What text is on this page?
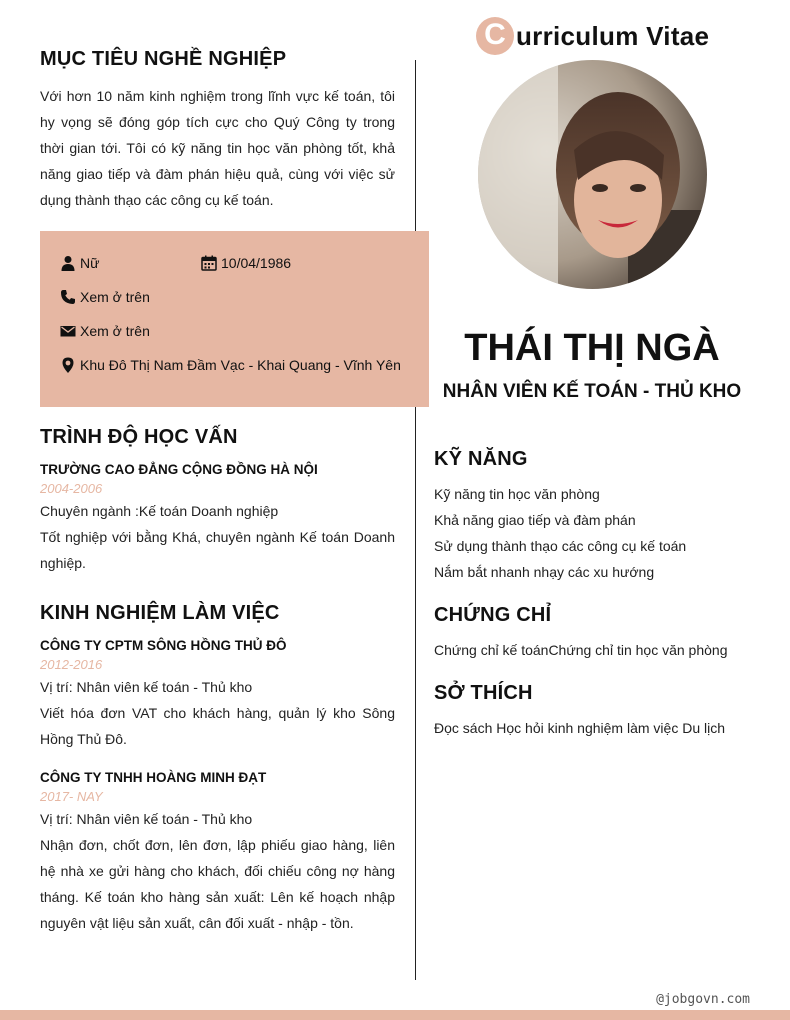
C urriculum Vitae
THÁI THỊ NGÀ
NHÂN VIÊN KẾ TOÁN - THỦ KHO
MỤC TIÊU NGHỀ NGHIỆP

Với hơn 10 năm kinh nghiệm trong lĩnh vực kế toán, tôi hy vọng sẽ đóng góp tích cực cho Quý Công ty trong thời gian tới. Tôi có kỹ năng tin học văn phòng tốt, khả năng giao tiếp và đàm phán hiệu quả, cùng với việc sử dụng thành thạo các công cụ kế toán.

Nữ	10/04/1986
Xem ở trên
Xem ở trên
Khu Đô Thị Nam Đầm Vạc - Khai Quang - Vĩnh Yên
TRÌNH ĐỘ HỌC VẤN

TRƯỜNG CAO ĐẲNG CỘNG ĐỒNG HÀ NỘI

2004-2006

Chuyên ngành :Kế toán Doanh nghiệp

Tốt nghiệp với bằng Khá, chuyên ngành Kế toán Doanh nghiệp.

KINH NGHIỆM LÀM VIỆC

CÔNG TY CPTM SÔNG HỒNG THỦ ĐÔ

2012-2016

Vị trí: Nhân viên kế toán - Thủ kho

Viết hóa đơn VAT cho khách hàng, quản lý kho Sông Hồng Thủ Đô.

CÔNG TY TNHH HOÀNG MINH ĐẠT

2017- NAY

Vị trí: Nhân viên kế toán - Thủ kho

Nhận đơn, chốt đơn, lên đơn, lập phiếu giao hàng, liên hệ nhà xe gửi hàng cho khách, đối chiếu công nợ hàng tháng. Kế toán kho hàng sản xuất: Lên kế hoạch nhập nguyên vật liệu sản xuất, cân đối xuất - nhập - tồn.

KỸ NĂNG

Kỹ năng tin học văn phòng

Khả năng giao tiếp và đàm phán

Sử dụng thành thạo các công cụ kế toán

Nắm bắt nhanh nhạy các xu hướng

CHỨNG CHỈ

Chứng chỉ kế toánChứng chỉ tin học văn phòng

SỞ THÍCH

Đọc sách Học hỏi kinh nghiệm làm việc Du lịch

@jobgovn.com
